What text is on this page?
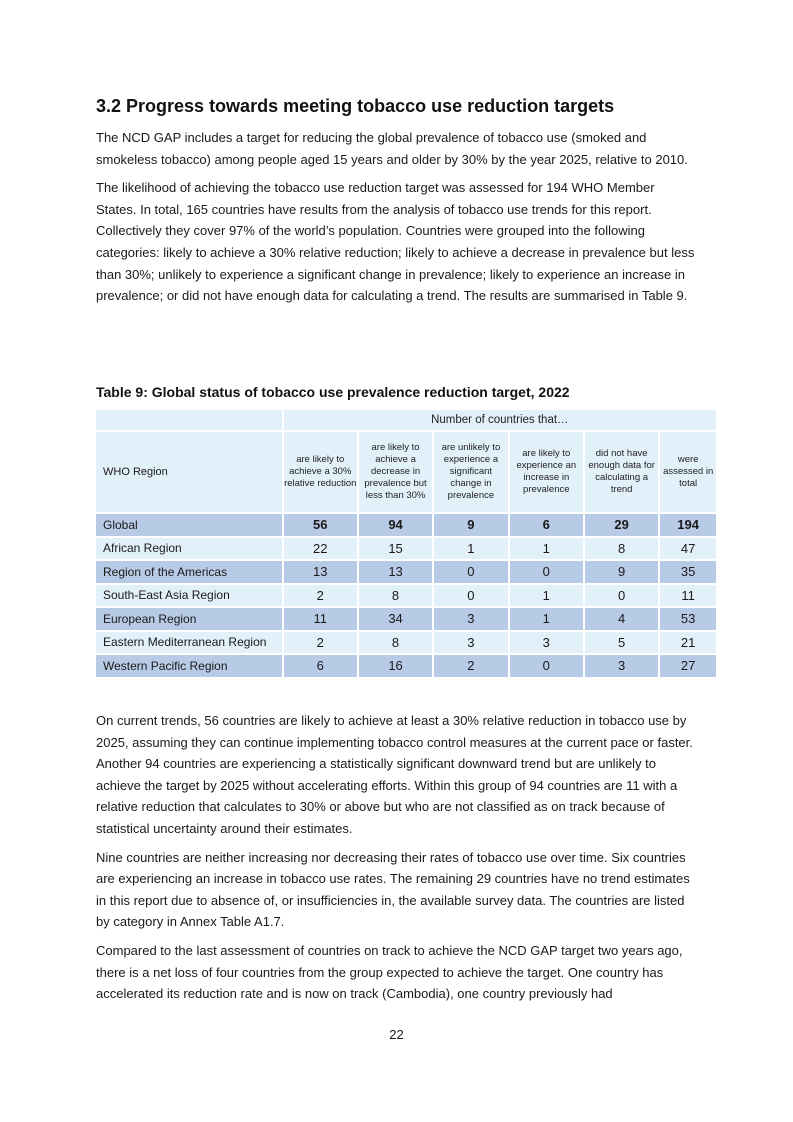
3.2 Progress towards meeting tobacco use reduction targets

The NCD GAP includes a target for reducing the global prevalence of tobacco use (smoked and smokeless tobacco) among people aged 15 years and older by 30% by the year 2025, relative to 2010.

The likelihood of achieving the tobacco use reduction target was assessed for 194 WHO Member States. In total, 165 countries have results from the analysis of tobacco use trends for this report. Collectively they cover 97% of the world’s population. Countries were grouped into the following categories: likely to achieve a 30% relative reduction; likely to achieve a decrease in prevalence but less than 30%; unlikely to experience a significant change in prevalence; likely to experience an increase in prevalence; or did not have enough data for calculating a trend. The results are summarised in Table 9.

Table 9: Global status of tobacco use prevalence reduction target, 2022

	Number of countries that…					
WHO Region	are likely to achieve a 30% relative reduction	are likely to achieve a decrease in prevalence but less than 30%	are unlikely to experience a significant change in prevalence	are likely to experience an increase in prevalence	did not have enough data for calculating a trend	were assessed in total
Global	56	94	9	6	29	194
African Region	22	15	1	1	8	47
Region of the Americas	13	13	0	0	9	35
South-East Asia Region	2	8	0	1	0	11
European Region	11	34	3	1	4	53
Eastern Mediterranean Region	2	8	3	3	5	21
Western Pacific Region	6	16	2	0	3	27

On current trends, 56 countries are likely to achieve at least a 30% relative reduction in tobacco use by 2025, assuming they can continue implementing tobacco control measures at the current pace or faster. Another 94 countries are experiencing a statistically significant downward trend but are unlikely to achieve the target by 2025 without accelerating efforts. Within this group of 94 countries are 11 with a relative reduction that calculates to 30% or above but who are not classified as on track because of statistical uncertainty around their estimates.

Nine countries are neither increasing nor decreasing their rates of tobacco use over time. Six countries are experiencing an increase in tobacco use rates. The remaining 29 countries have no trend estimates in this report due to absence of, or insufficiencies in, the available survey data. The countries are listed by category in Annex Table A1.7.

Compared to the last assessment of countries on track to achieve the NCD GAP target two years ago, there is a net loss of four countries from the group expected to achieve the target. One country has accelerated its reduction rate and is now on track (Cambodia), one country previously had

22
